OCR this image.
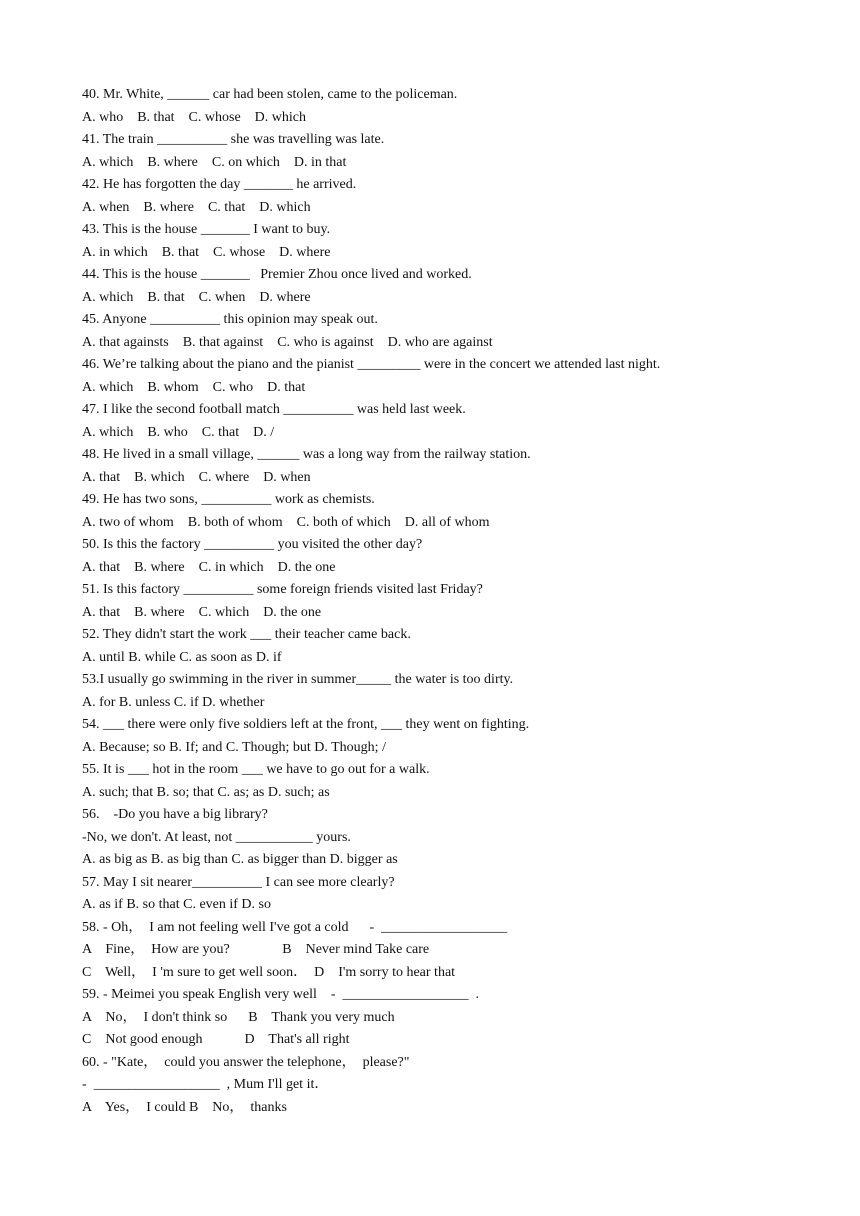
40. Mr. White, ______ car had been stolen, came to the policeman.
A. who    B. that    C. whose    D. which
41. The train __________ she was travelling was late.
A. which    B. where    C. on which    D. in that
42. He has forgotten the day _______ he arrived.
A. when    B. where    C. that    D. which
43. This is the house _______ I want to buy.
A. in which    B. that    C. whose    D. where
44. This is the house _______   Premier Zhou once lived and worked.
A. which    B. that    C. when    D. where
45. Anyone __________ this opinion may speak out.
A. that againsts    B. that against    C. who is against    D. who are against
46. We’re talking about the piano and the pianist _________ were in the concert we attended last night.
A. which    B. whom    C. who    D. that
47. I like the second football match __________ was held last week.
A. which    B. who    C. that    D. /
48. He lived in a small village, ______ was a long way from the railway station.
A. that    B. which    C. where    D. when
49. He has two sons, __________ work as chemists.
A. two of whom    B. both of whom    C. both of which    D. all of whom
50. Is this the factory __________ you visited the other day?
A. that    B. where    C. in which    D. the one
51. Is this factory __________ some foreign friends visited last Friday?
A. that    B. where    C. which    D. the one
52. They didn't start the work ___ their teacher came back.
A. until B. while C. as soon as D. if
53.I usually go swimming in the river in summer_____ the water is too dirty.
A. for B. unless C. if D. whether
54. ___ there were only five soldiers left at the front, ___ they went on fighting.
A. Because; so B. If; and C. Though; but D. Though; /
55. It is ___ hot in the room ___ we have to go out for a walk.
A. such; that B. so; that C. as; as D. such; as
56.    -Do you have a big library?
-No, we don't. At least, not ___________ yours.
A. as big as B. as big than C. as bigger than D. bigger as
57. May I sit nearer__________ I can see more clearly?
A. as if B. so that C. even if D. so
58. - Oh，  I am not feeling well I've got a cold      -  __________________
A    Fine，  How are you?               B    Never mind Take care
C    Well，  I 'm sure to get well soon．  D    I'm sorry to hear that
59. - Meimei you speak English very well    -  __________________  .
A    No，  I don't think so      B    Thank you very much
C    Not good enough            D    That's all right
60. - "Kate，  could you answer the telephone，  please?"
-  __________________  , Mum I'll get it．
A    Yes，  I could B    No，  thanks
